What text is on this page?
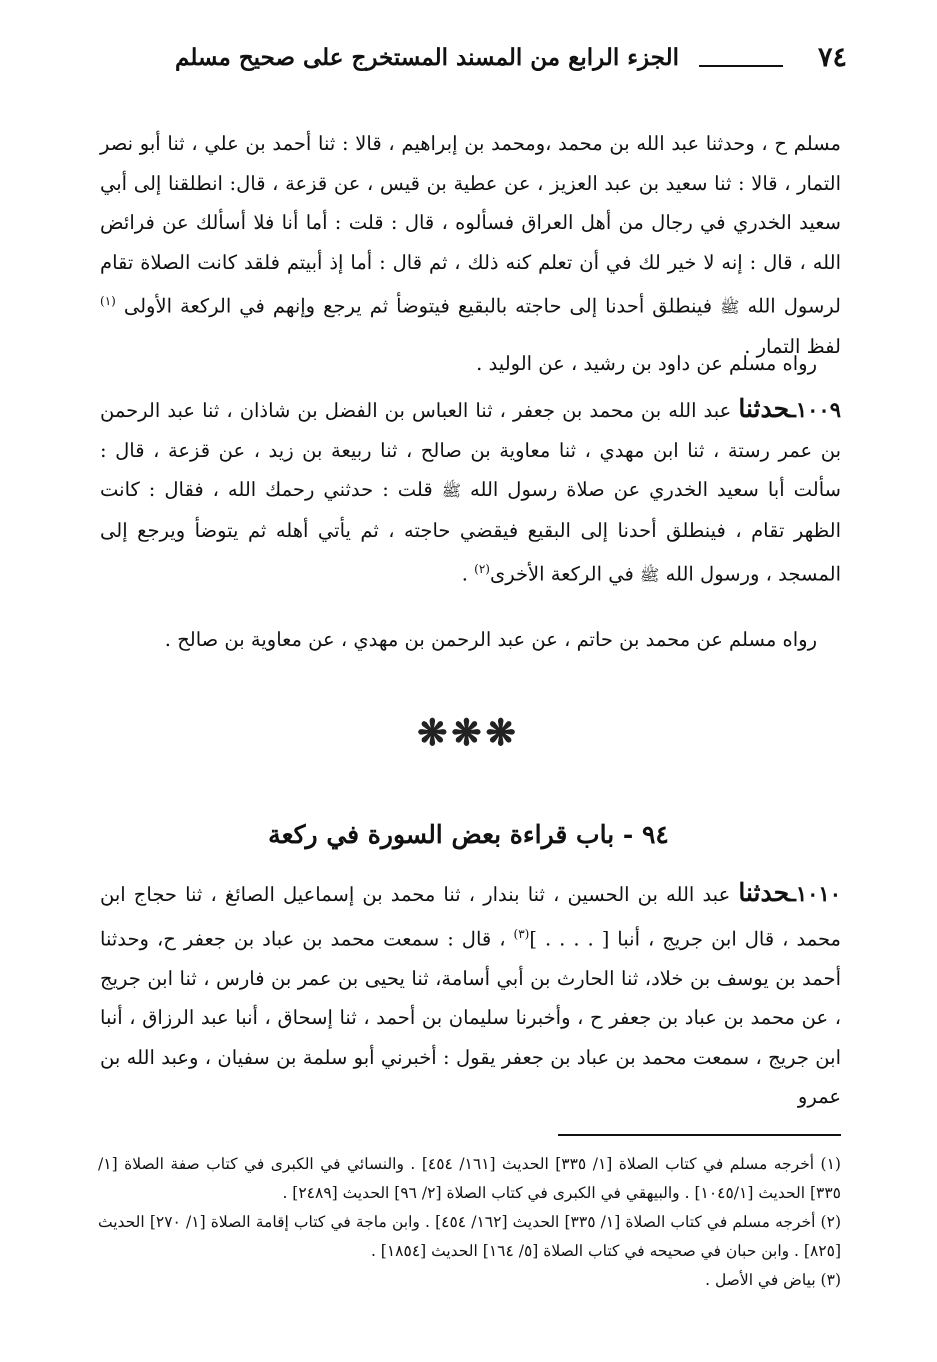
٧٤
الجزء الرابع من المسند المستخرج على صحيح مسلم

مسلم ح ، وحدثنا عبد الله بن محمد ،ومحمد بن إبراهيم ، قالا : ثنا أحمد بن علي ، ثنا أبو نصر التمار ، قالا : ثنا سعيد بن عبد العزيز ، عن عطية بن قيس ، عن قزعة ، قال: انطلقنا إلى أبي سعيد الخدري في رجال من أهل العراق فسألوه ، قال : قلت : أما أنا فلا أسألك عن فرائض الله ، قال : إنه لا خير لك في أن تعلم كنه ذلك ، ثم قال : أما إذ أبيتم فلقد كانت الصلاة تقام لرسول الله ﷺ فينطلق أحدنا إلى حاجته بالبقيع فيتوضأ ثم يرجع وإنهم في الركعة الأولى $^{(١)}$ لفظ التمار .

رواه مسلم عن داود بن رشيد ، عن الوليد .

١٠٠٩ـحدثنا عبد الله بن محمد بن جعفر ، ثنا العباس بن الفضل بن شاذان ، ثنا عبد الرحمن بن عمر رستة ، ثنا ابن مهدي ، ثنا معاوية بن صالح ، ثنا ربيعة بن زيد ، عن قزعة ، قال : سألت أبا سعيد الخدري عن صلاة رسول الله ﷺ قلت : حدثني رحمك الله ، فقال : كانت الظهر تقام ، فينطلق أحدنا إلى البقيع فيقضي حاجته ، ثم يأتي أهله ثم يتوضأ ويرجع إلى المسجد ، ورسول الله ﷺ في الركعة الأخرى$^{(٢)}$ .

رواه مسلم عن محمد بن حاتم ، عن عبد الرحمن بن مهدي ، عن معاوية بن صالح .

❋❋❋
٩٤ - باب قراءة بعض السورة في ركعة

١٠١٠ـحدثنا عبد الله بن الحسين ، ثنا بندار ، ثنا محمد بن إسماعيل الصائغ ، ثنا حجاج ابن محمد ، قال ابن جريج ، أنبا [ . . . . ]$^{(٣)}$ ، قال : سمعت محمد بن عباد بن جعفر ح، وحدثنا أحمد بن يوسف بن خلاد، ثنا الحارث بن أبي أسامة، ثنا يحيى بن عمر بن فارس ، ثنا ابن جريج ، عن محمد بن عباد بن جعفر ح ، وأخبرنا سليمان بن أحمد ، ثنا إسحاق ، أنبا عبد الرزاق ، أنبا ابن جريج ، سمعت محمد بن عباد بن جعفر يقول : أخبرني أبو سلمة بن سفيان ، وعبد الله بن عمرو

(١) أخرجه مسلم في كتاب الصلاة [١/ ٣٣٥] الحديث [١٦١/ ٤٥٤] . والنسائي في الكبرى في كتاب صفة الصلاة [١/ ٣٣٥] الحديث [١٠٤٥/١] . والبيهقي في الكبرى في كتاب الصلاة [٢/ ٩٦] الحديث [٢٤٨٩] .

(٢) أخرجه مسلم في كتاب الصلاة [١/ ٣٣٥] الحديث [١٦٢/ ٤٥٤] . وابن ماجة في كتاب إقامة الصلاة [١/ ٢٧٠] الحديث [٨٢٥] . وابن حبان في صحيحه في كتاب الصلاة [٥/ ١٦٤] الحديث [١٨٥٤] .

(٣) بياض في الأصل .
